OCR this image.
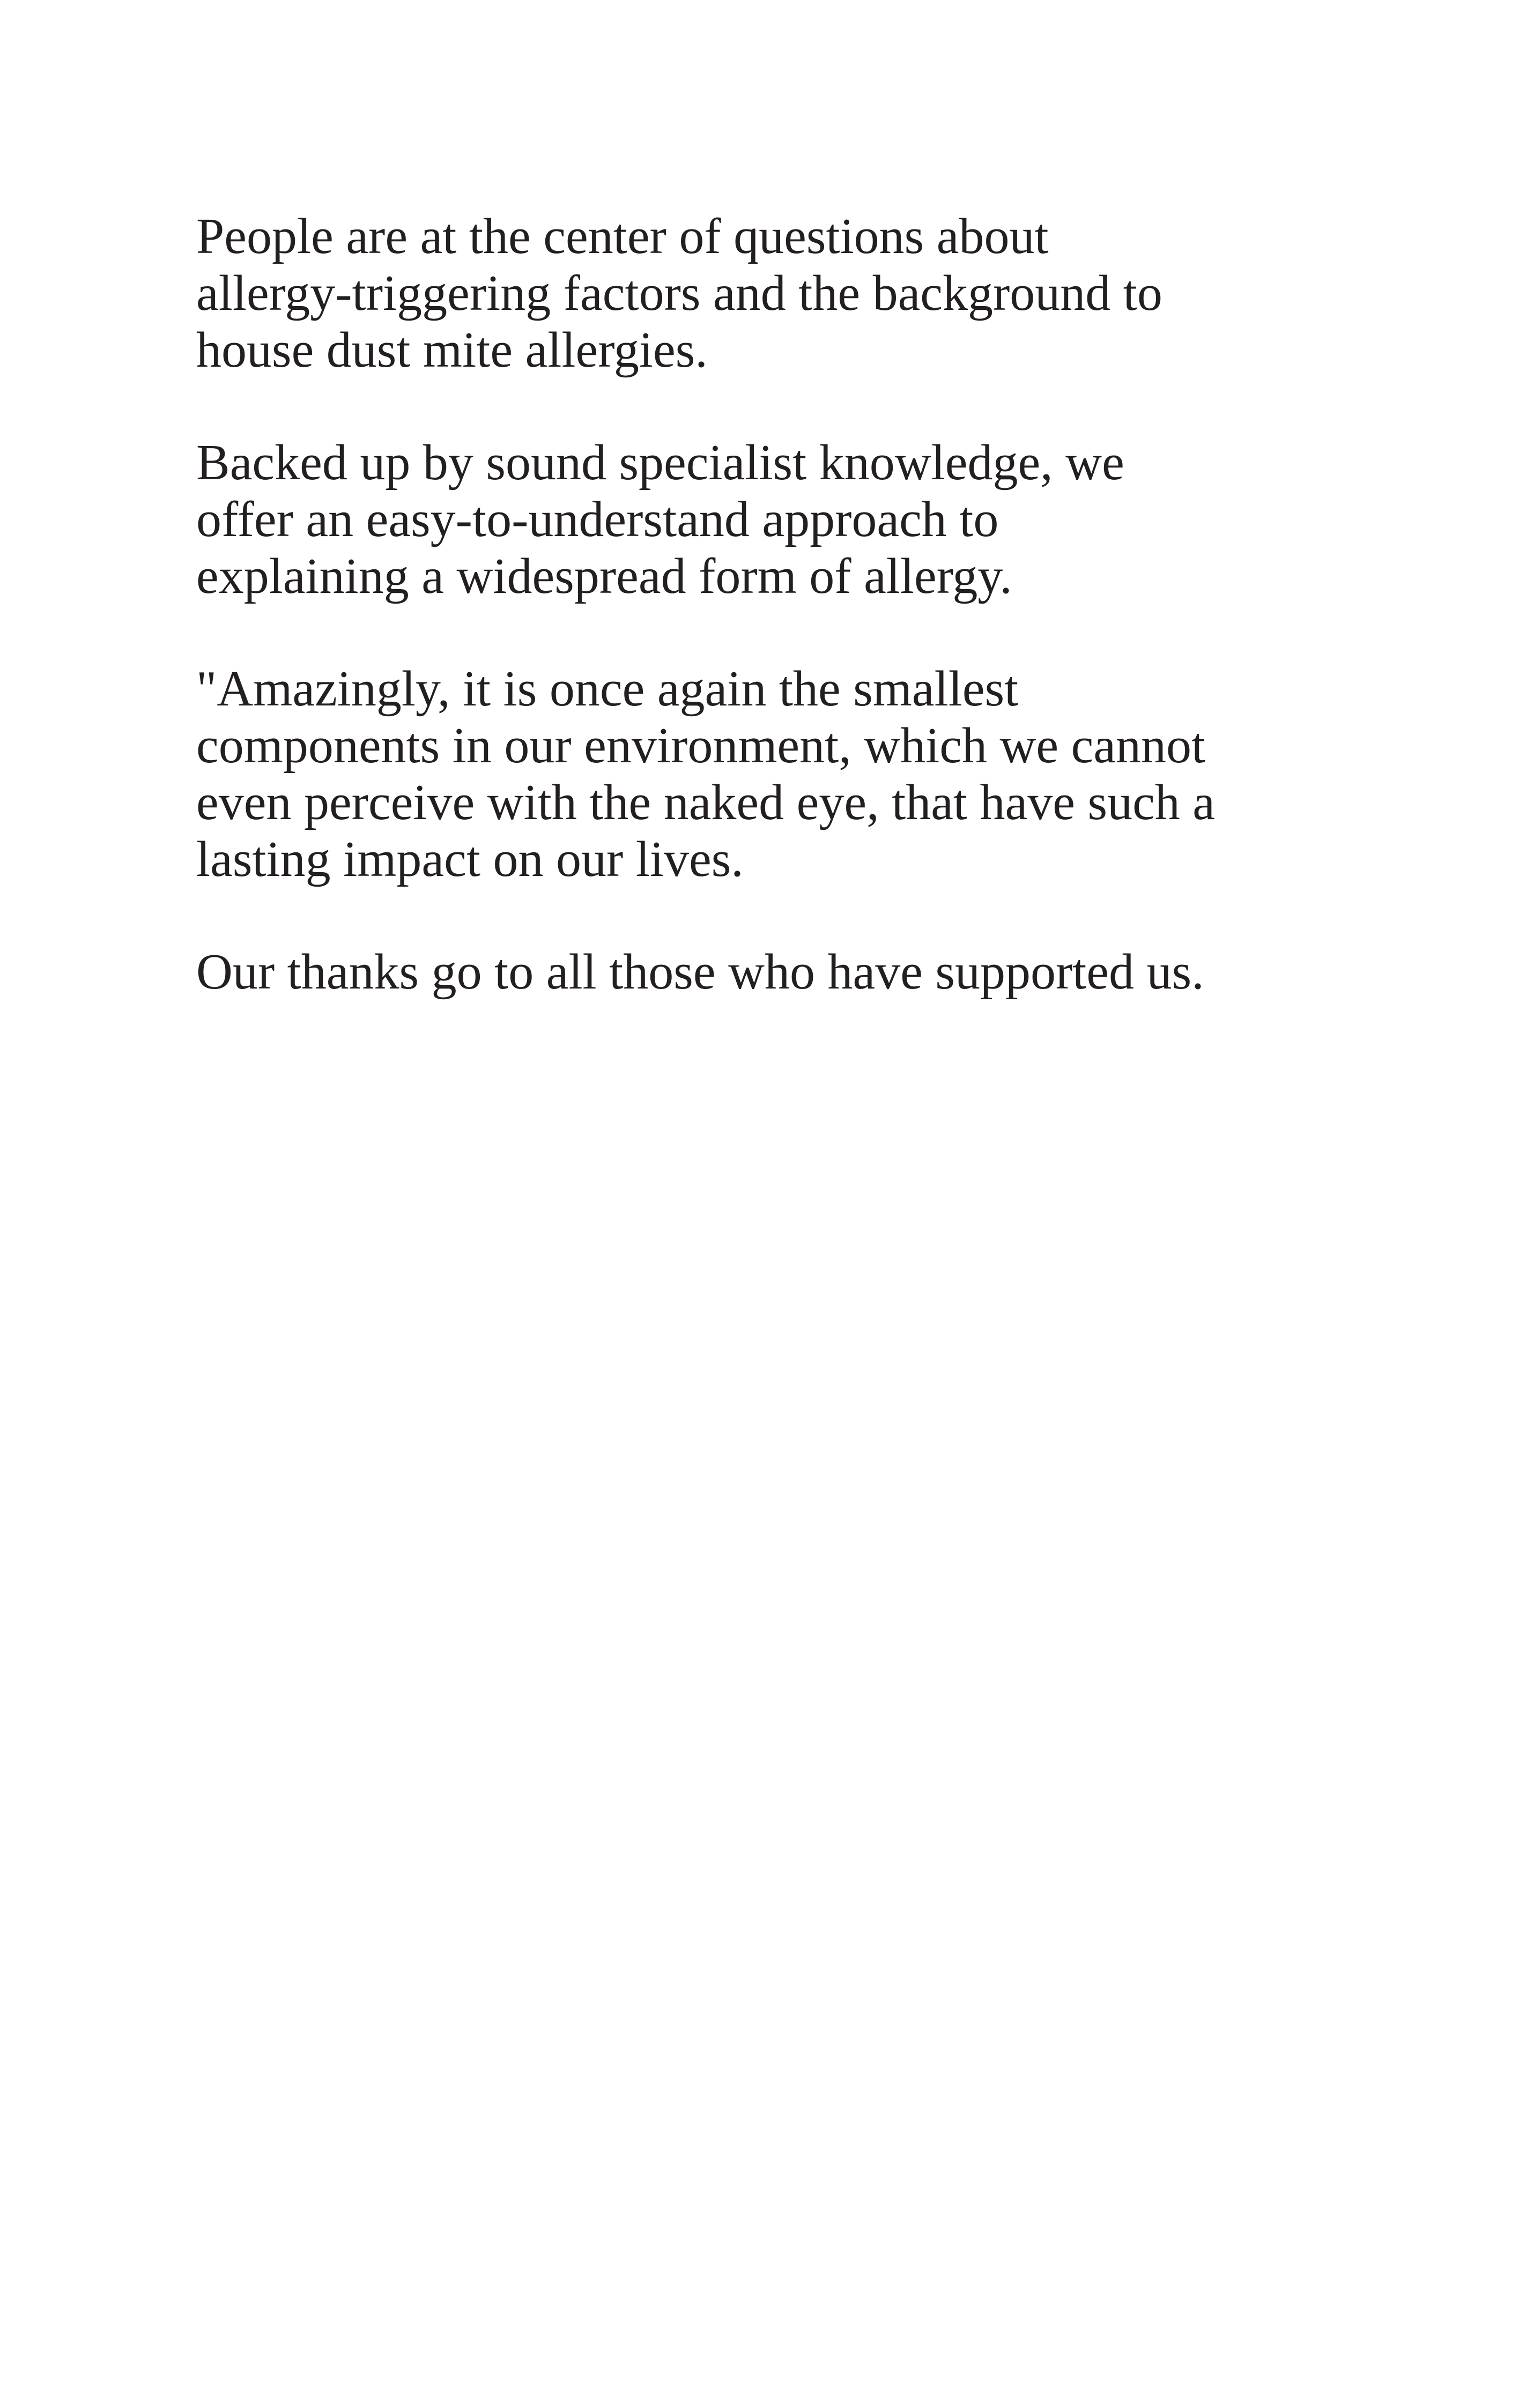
People are at the center of questions about
allergy-triggering factors and the background to
house dust mite allergies.

Backed up by sound specialist knowledge, we
offer an easy-to-understand approach to
explaining a widespread form of allergy.

"Amazingly, it is once again the smallest
components in our environment, which we cannot
even perceive with the naked eye, that have such a
lasting impact on our lives.

Our thanks go to all those who have supported us.
